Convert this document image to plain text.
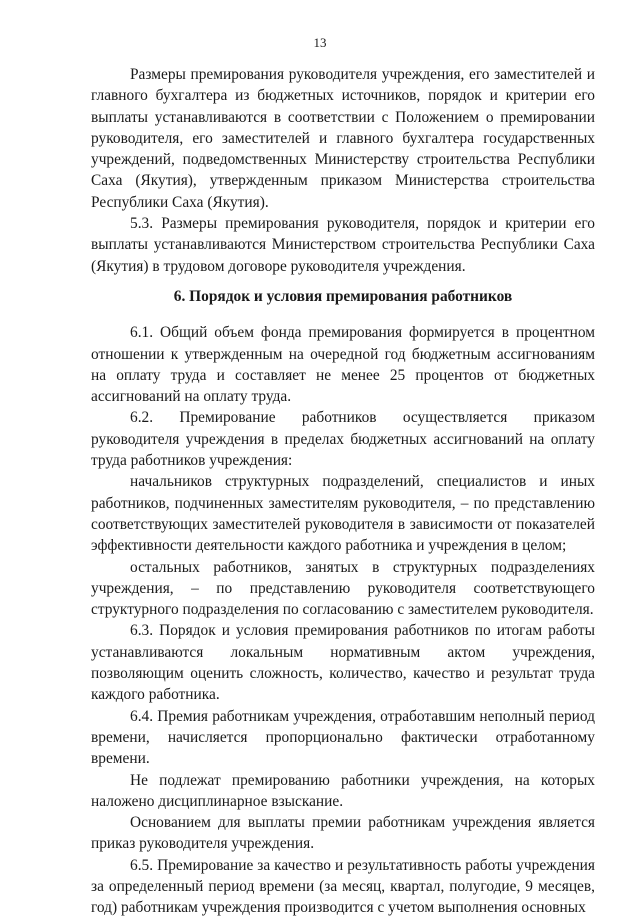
13

Размеры премирования руководителя учреждения, его заместителей и главного бухгалтера из бюджетных источников, порядок и критерии его выплаты устанавливаются в соответствии с Положением о премировании руководителя, его заместителей и главного бухгалтера государственных учреждений, подведомственных Министерству строительства Республики Саха (Якутия), утвержденным приказом Министерства строительства Республики Саха (Якутия).

5.3. Размеры премирования руководителя, порядок и критерии его выплаты устанавливаются Министерством строительства Республики Саха (Якутия) в трудовом договоре руководителя учреждения.

6. Порядок и условия премирования работников

6.1. Общий объем фонда премирования формируется в процентном отношении к утвержденным на очередной год бюджетным ассигнованиям на оплату труда и составляет не менее 25 процентов от бюджетных ассигнований на оплату труда.

6.2. Премирование работников осуществляется приказом руководителя учреждения в пределах бюджетных ассигнований на оплату труда работников учреждения:

начальников структурных подразделений, специалистов и иных работников, подчиненных заместителям руководителя, – по представлению соответствующих заместителей руководителя в зависимости от показателей эффективности деятельности каждого работника и учреждения в целом;

остальных работников, занятых в структурных подразделениях учреждения, – по представлению руководителя соответствующего структурного подразделения по согласованию с заместителем руководителя.

6.3. Порядок и условия премирования работников по итогам работы устанавливаются локальным нормативным актом учреждения, позволяющим оценить сложность, количество, качество и результат труда каждого работника.

6.4. Премия работникам учреждения, отработавшим неполный период времени, начисляется пропорционально фактически отработанному времени.

Не подлежат премированию работники учреждения, на которых наложено дисциплинарное взыскание.

Основанием для выплаты премии работникам учреждения является приказ руководителя учреждения.

6.5. Премирование за качество и результативность работы учреждения за определенный период времени (за месяц, квартал, полугодие, 9 месяцев, год) работникам учреждения производится с учетом выполнения основных
